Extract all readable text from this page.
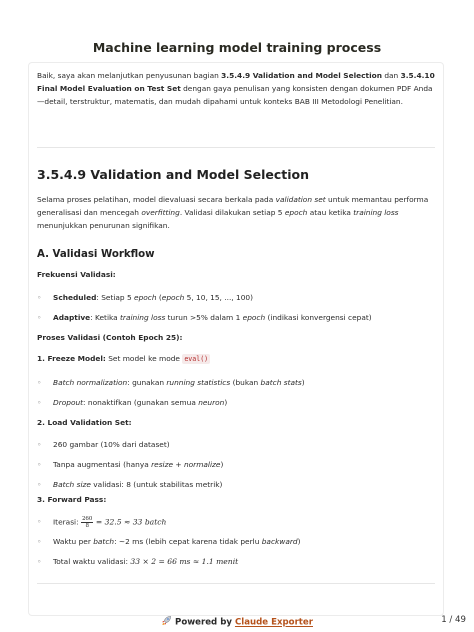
Machine learning model training process

Baik, saya akan melanjutkan penyusunan bagian 3.5.4.9 Validation and Model Selection dan 3.5.4.10 Final Model Evaluation on Test Set dengan gaya penulisan yang konsisten dengan dokumen PDF Anda—detail, terstruktur, matematis, dan mudah dipahami untuk konteks BAB III Metodologi Penelitian.

3.5.4.9 Validation and Model Selection

Selama proses pelatihan, model dievaluasi secara berkala pada validation set untuk memantau performa generalisasi dan mencegah overfitting. Validasi dilakukan setiap 5 epoch atau ketika training loss menunjukkan penurunan signifikan.

A. Validasi Workflow

Frekuensi Validasi:

◦ Scheduled: Setiap 5 epoch (epoch 5, 10, 15, ..., 100)
◦ Adaptive: Ketika training loss turun >5% dalam 1 epoch (indikasi konvergensi cepat)

Proses Validasi (Contoh Epoch 25):

1. Freeze Model: Set model ke mode eval()

◦ Batch normalization: gunakan running statistics (bukan batch stats)
◦ Dropout: nonaktifkan (gunakan semua neuron)

2. Load Validation Set:

◦ 260 gambar (10% dari dataset)
◦ Tanpa augmentasi (hanya resize + normalize)
◦ Batch size validasi: 8 (untuk stabilitas metrik)

3. Forward Pass:

◦ Iterasi: $\frac{260}{8} = 32.5 \approx 33$ batch
◦ Waktu per batch: ~2 ms (lebih cepat karena tidak perlu backward)
◦ Total waktu validasi: 33 × 2 = 66 ms ≈ 1.1 menit
Powered by Claude Exporter	1 / 49
